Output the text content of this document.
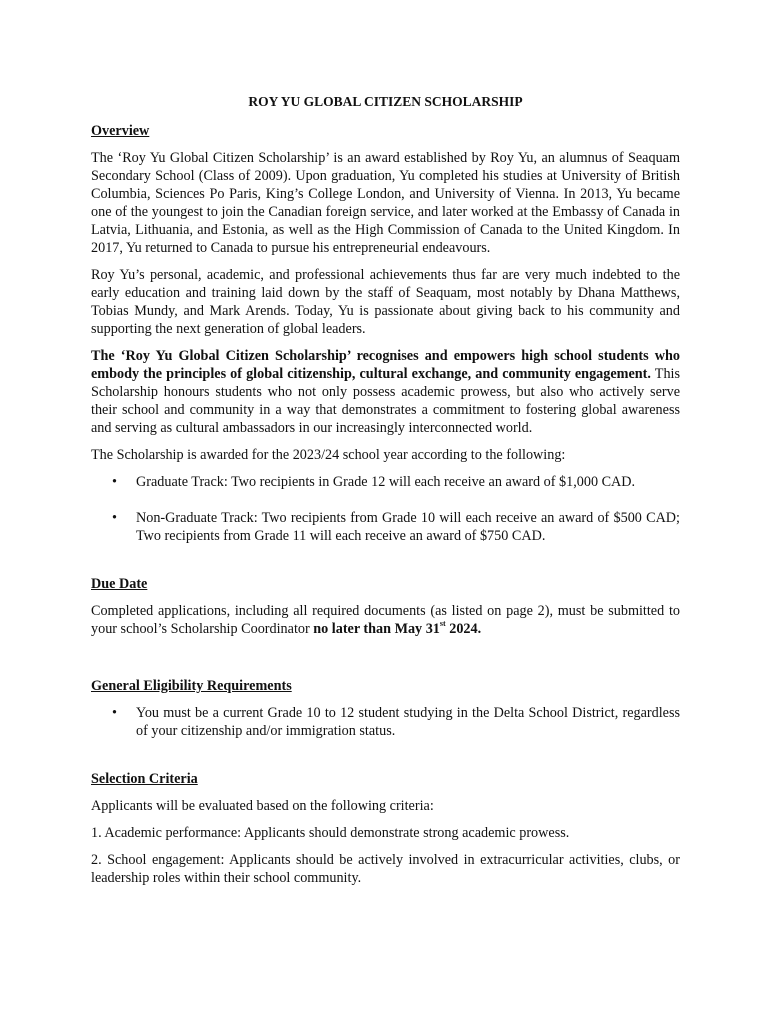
ROY YU GLOBAL CITIZEN SCHOLARSHIP
Overview

The ‘Roy Yu Global Citizen Scholarship’ is an award established by Roy Yu, an alumnus of Seaquam Secondary School (Class of 2009). Upon graduation, Yu completed his studies at University of British Columbia, Sciences Po Paris, King’s College London, and University of Vienna. In 2013, Yu became one of the youngest to join the Canadian foreign service, and later worked at the Embassy of Canada in Latvia, Lithuania, and Estonia, as well as the High Commission of Canada to the United Kingdom. In 2017, Yu returned to Canada to pursue his entrepreneurial endeavours.

Roy Yu’s personal, academic, and professional achievements thus far are very much indebted to the early education and training laid down by the staff of Seaquam, most notably by Dhana Matthews, Tobias Mundy, and Mark Arends. Today, Yu is passionate about giving back to his community and supporting the next generation of global leaders.

The ‘Roy Yu Global Citizen Scholarship’ recognises and empowers high school students who embody the principles of global citizenship, cultural exchange, and community engagement. This Scholarship honours students who not only possess academic prowess, but also who actively serve their school and community in a way that demonstrates a commitment to fostering global awareness and serving as cultural ambassadors in our increasingly interconnected world.

The Scholarship is awarded for the 2023/24 school year according to the following:

• Graduate Track: Two recipients in Grade 12 will each receive an award of $1,000 CAD.
• Non-Graduate Track: Two recipients from Grade 10 will each receive an award of $500 CAD; Two recipients from Grade 11 will each receive an award of $750 CAD.
Due Date

Completed applications, including all required documents (as listed on page 2), must be submitted to your school’s Scholarship Coordinator no later than May 31st 2024.

General Eligibility Requirements
• You must be a current Grade 10 to 12 student studying in the Delta School District, regardless of your citizenship and/or immigration status.
Selection Criteria

Applicants will be evaluated based on the following criteria:

1. Academic performance: Applicants should demonstrate strong academic prowess.

2. School engagement: Applicants should be actively involved in extracurricular activities, clubs, or leadership roles within their school community.
